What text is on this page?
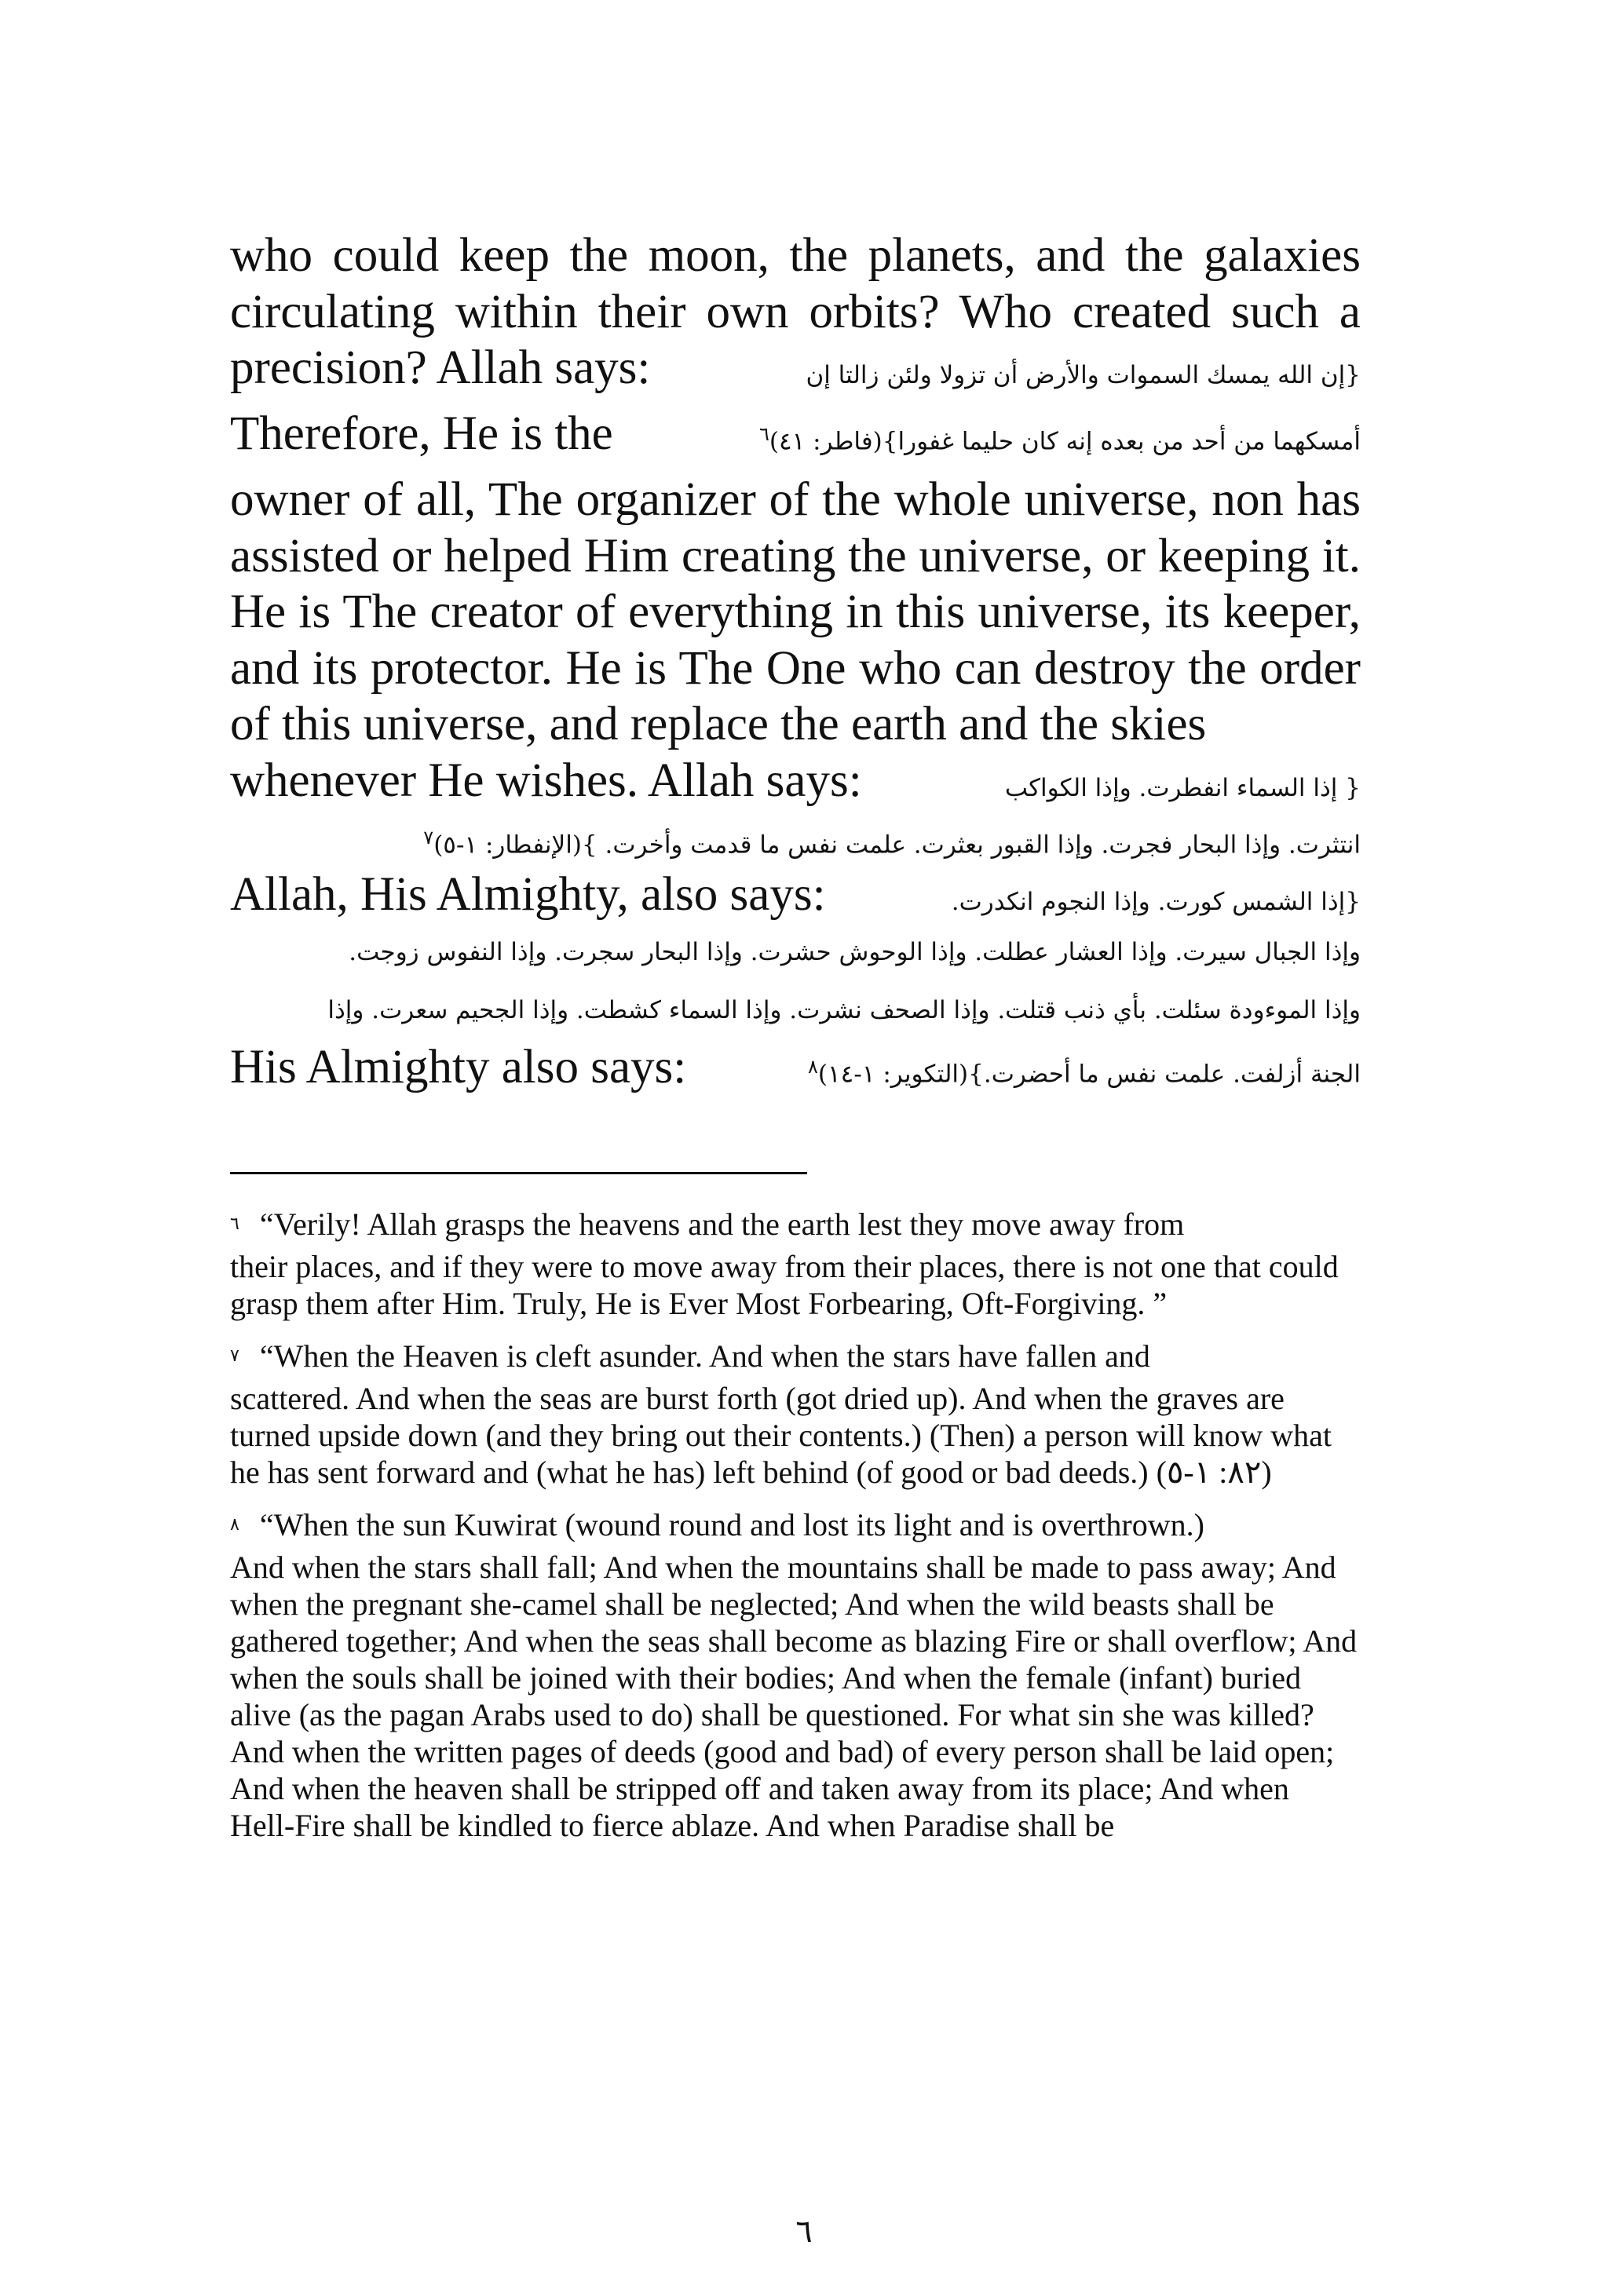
who could keep the moon, the planets, and the galaxies
circulating within their own orbits? Who created such a
precision? Allah says:	{إن الله يمسك السموات والأرض أن تزولا ولئن زالتا إن
أمسكهما من أحد من بعده إنه كان حليما غفورا}(فاطر: ٤١)$^٦$
Therefore, He is the
owner of all, The organizer of the whole universe, non has
assisted or helped Him creating the universe, or keeping it.
He is The creator of everything in this universe, its keeper,
and its protector. He is The One who can destroy the order
of this universe, and replace the earth and the skies
whenever He wishes. Allah says:	{ إذا السماء انفطرت. وإذا الكواكب
انتثرت. وإذا البحار فجرت. وإذا القبور بعثرت. علمت نفس ما قدمت وأخرت. }(الإنفطار: ١-٥)$^٧$
Allah, His Almighty, also says:	{إذا الشمس كورت. وإذا النجوم انكدرت.
وإذا الجبال سيرت. وإذا العشار عطلت. وإذا الوحوش حشرت. وإذا البحار سجرت. وإذا النفوس زوجت.
وإذا الموءودة سئلت. بأي ذنب قتلت. وإذا الصحف نشرت. وإذا السماء كشطت. وإذا الجحيم سعرت. وإذا
الجنة أزلفت. علمت نفس ما أحضرت.}(التكوير: ١-١٤)$^٨$
His Almighty also says:
$^٦$ “Verily! Allah grasps the heavens and the earth lest they move away from
their places, and if they were to move away from their places, there is not one that could grasp them after Him. Truly, He is Ever Most Forbearing, Oft-Forgiving. ”
$^٧$ “When the Heaven is cleft asunder. And when the stars have fallen and
scattered. And when the seas are burst forth (got dried up). And when the graves are turned upside down (and they bring out their contents.) (Then) a person will know what he has sent forward and (what he has) left behind (of good or bad deeds.) (٨٢: ١-٥)
$^٨$ “When the sun Kuwirat (wound round and lost its light and is overthrown.)
And when the stars shall fall; And when the mountains shall be made to pass away; And when the pregnant she-camel shall be neglected; And when the wild beasts shall be gathered together; And when the seas shall become as blazing Fire or shall overflow; And when the souls shall be joined with their bodies; And when the female (infant) buried alive (as the pagan Arabs used to do) shall be questioned. For what sin she was killed? And when the written pages of deeds (good and bad) of every person shall be laid open; And when the heaven shall be stripped off and taken away from its place; And when Hell-Fire shall be kindled to fierce ablaze. And when Paradise shall be
٦
